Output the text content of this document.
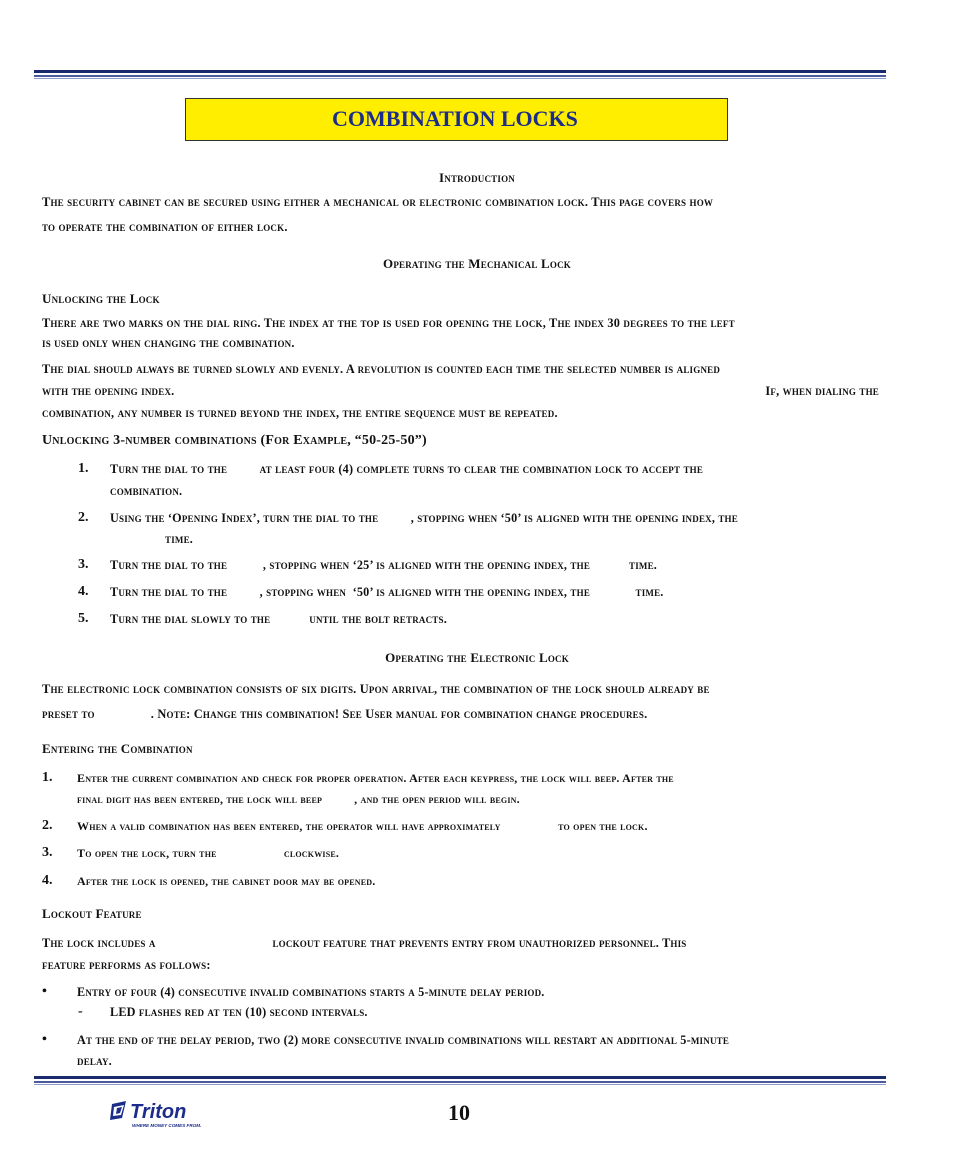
COMBINATION LOCKS
Introduction
The security cabinet can be secured using either a mechanical or electronic combination lock. This page covers how
to operate the combination of either lock.
Operating the Mechanical Lock
Unlocking the Lock
There are two marks on the dial ring. The index at the top is used for opening the lock, The index 30 degrees to the left
is used only when changing the combination.
The dial should always be turned slowly and evenly. A revolution is counted each time the selected number is aligned
with the opening index.	If, when dialing the
combination, any number is turned beyond the index, the entire sequence must be repeated.
Unlocking 3-number combinations (For Example, “50-25-50”)
1. Turn the dial to the          at least four (4) complete turns to clear the combination lock to accept the
combination.
2. Using the ‘Opening Index’, turn the dial to the          , stopping when ‘50’ is aligned with the opening index, the
time.
3. Turn the dial to the           , stopping when ‘25’ is aligned with the opening index, the            time.
4. Turn the dial to the          , stopping when  ‘50’ is aligned with the opening index, the              time.
5. Turn the dial slowly to the            until the bolt retracts.
Operating the Electronic Lock
The electronic lock combination consists of six digits. Upon arrival, the combination of the lock should already be
preset to                 . Note: Change this combination! See User manual for combination change procedures.
Entering the Combination
1. Enter the current combination and check for proper operation. After each keypress, the lock will beep. After the
final digit has been entered, the lock will beep          , and the open period will begin.
2. When a valid combination has been entered, the operator will have approximately                  to open the lock.
3. To open the lock, turn the                     clockwise.
4. After the lock is opened, the cabinet door may be opened.
Lockout Feature
The lock includes a                                    lockout feature that prevents entry from unauthorized personnel. This
feature performs as follows:
• Entry of four (4) consecutive invalid combinations starts a 5-minute delay period.
- LED flashes red at ten (10) second intervals.
• At the end of the delay period, two (2) more consecutive invalid combinations will restart an additional 5-minute
delay.
Triton
WHERE MONEY COMES FROM.
10
